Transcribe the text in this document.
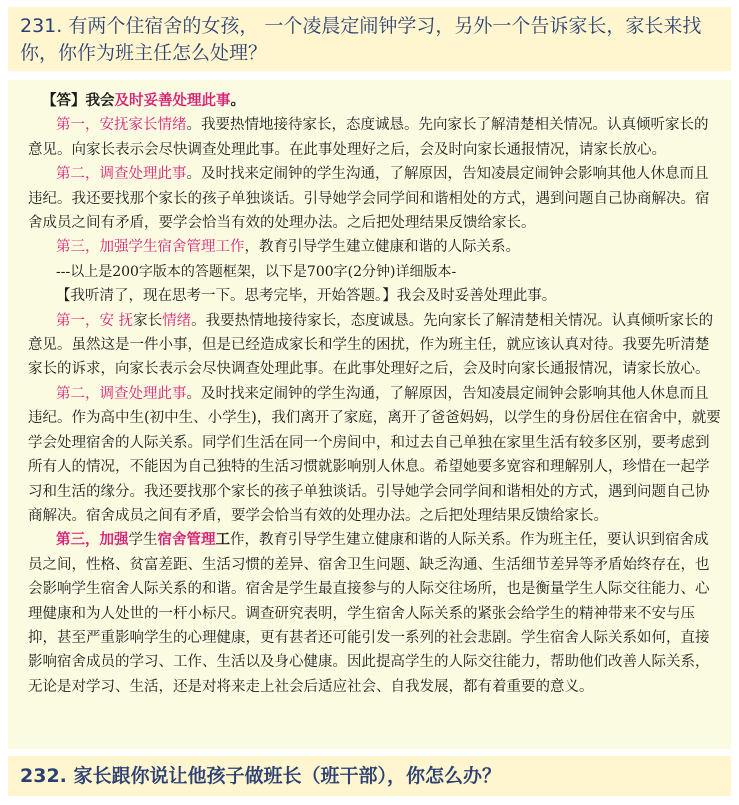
231. 有两个住宿舍的女孩， 一个凌晨定闹钟学习，另外一个告诉家长，家长来找你，你作为班主任怎么处理？

【答】我会及时妥善处理此事。

第一，安抚家长情绪。我要热情地接待家长，态度诚恳。先向家长了解清楚相关情况。认真倾听家长的意见。向家长表示会尽快调查处理此事。在此事处理好之后，会及时向家长通报情况，请家长放心。

第二，调查处理此事。及时找来定闹钟的学生沟通，了解原因，告知凌晨定闹钟会影响其他人休息而且违纪。我还要找那个家长的孩子单独谈话。引导她学会同学间和谐相处的方式，遇到问题自己协商解决。宿舍成员之间有矛盾，要学会恰当有效的处理办法。之后把处理结果反馈给家长。

第三，加强学生宿舍管理工作，教育引导学生建立健康和谐的人际关系。

---以上是200字版本的答题框架，以下是700字(2分钟)详细版本-

【我听清了，现在思考一下。思考完毕，开始答题。】我会及时妥善处理此事。

第一，安 抚家长情绪。我要热情地接待家长，态度诚恳。先向家长了解清楚相关情况。认真倾听家长的意见。虽然这是一件小事，但是已经造成家长和学生的困扰，作为班主任，就应该认真对待。我要先听清楚家长的诉求，向家长表示会尽快调查处理此事。在此事处理好之后，会及时向家长通报情况，请家长放心。

第二，调查处理此事。及时找来定闹钟的学生沟通，了解原因，告知凌晨定闹钟会影响其他人休息而且违纪。作为高中生(初中生、小学生)，我们离开了家庭，离开了爸爸妈妈，以学生的身份居住在宿舍中，就要学会处理宿舍的人际关系。同学们生活在同一个房间中，和过去自己单独在家里生活有较多区别，要考虑到所有人的情况，不能因为自己独特的生活习惯就影响别人休息。希望她要多宽容和理解别人，珍惜在一起学习和生活的缘分。我还要找那个家长的孩子单独谈话。引导她学会同学间和谐相处的方式，遇到问题自己协商解决。宿舍成员之间有矛盾，要学会恰当有效的处理办法。之后把处理结果反馈给家长。

第三，加强学生宿舍管理工作，教育引导学生建立健康和谐的人际关系。作为班主任，要认识到宿舍成员之间，性格、贫富差距、生活习惯的差异、宿舍卫生问题、缺乏沟通、生活细节差异等矛盾始终存在，也会影响学生宿舍人际关系的和谐。宿舍是学生最直接参与的人际交往场所，也是衡量学生人际交往能力、心理健康和为人处世的一杆小标尺。调查研究表明，学生宿舍人际关系的紧张会给学生的精神带来不安与压抑，甚至严重影响学生的心理健康，更有甚者还可能引发一系列的社会悲剧。学生宿舍人际关系如何，直接影响宿舍成员的学习、工作、生活以及身心健康。因此提高学生的人际交往能力，帮助他们改善人际关系，无论是对学习、生活，还是对将来走上社会后适应社会、自我发展，都有着重要的意义。

232. 家长跟你说让他孩子做班长（班干部），你怎么办？
